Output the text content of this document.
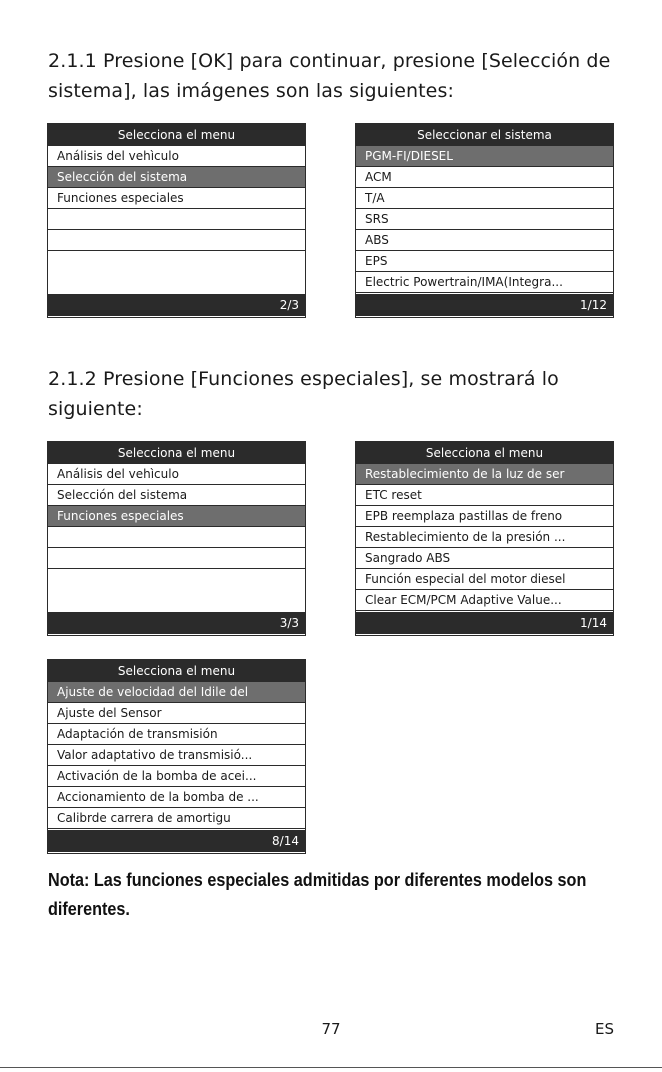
2.1.1 Presione [OK] para continuar, presione [Selección de
sistema], las imágenes son las siguientes:
2.1.2 Presione [Funciones especiales], se mostrará lo
siguiente:
Selecciona el menu
Análisis del vehìculo
Selección del sistema
Funciones especiales
2/3
Seleccionar el sistema
PGM-FI/DIESEL
ACM
T/A
SRS
ABS
EPS
Electric Powertrain/IMA(Integra...
1/12
Selecciona el menu
Análisis del vehìculo
Selección del sistema
Funciones especiales
3/3
Selecciona el menu
Restablecimiento de la luz de ser
ETC reset
EPB reemplaza pastillas de freno
Restablecimiento de la presión ...
Sangrado ABS
Función especial del motor diesel
Clear ECM/PCM Adaptive Value...
1/14
Selecciona el menu
Ajuste de velocidad del Idile del
Ajuste del Sensor
Adaptación de transmisión
Valor adaptativo de transmisió...
Activación de la bomba de acei...
Accionamiento de la bomba de ...
Calibrde carrera de amortigu
8/14

Nota: Las funciones especiales admitidas por diferentes modelos son
diferentes.

77	ES
